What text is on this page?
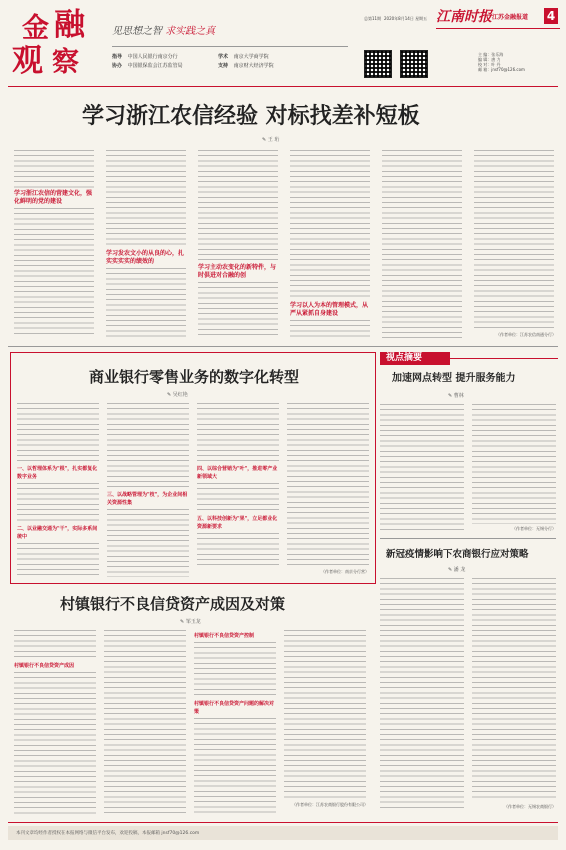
金 融
观 察
见思想之智 求实践之真
指导 中国人民银行南京分行
协办 中国银保监会江苏监管局
学术 南京大学商学院
支持 南京财大经济学院
总第11期 2020年8月14日 星期五 江南时报 江苏金融报道 4
主 编：张乐海
编 辑：唐 力
校 对：叶 丹
邮 箱：jnsf70@126.com
学习浙江农信经验 对标找差补短板
✎ 王 珩
学习浙江农信的营建文化，强化鲜明的党的建设
学习发农文小的从良的心，扎实实实实的绩效的
学习主动农变化的新特件，与时俱进对合融的创
学习以人为本的管理模式，从严从紧抓自身建设
（作者单位：江苏农信南通分行）
商业银行零售业务的数字化转型
✎ 吴红艳
一、以哲理体系为"根"，扎实都复化数字业务
二、以业融交通为"干"，实际多系间统中
三、以战略管理为"枝"，为企业间相关资源性集
四、以综合营销为"叶"，推进零产业新领域大
五、以科技创新为"果"，立足都业化资源新要求
（作者单位：南京分行营）
视点摘要
加速网点转型 提升服务能力
✎ 曹林
（作者单位：无锡分行）
新冠疫情影响下农商银行应对策略
✎ 潘 龙
（作者单位：无锡农商银行）
村镇银行不良信贷资产成因及对策
✎ 邹玉龙
村镇银行不良信贷资产成因
村镇银行不良信贷资产控制
村镇银行不良信贷资产问题的解决对策
（作者单位：江苏农商银行股份有限公司）
本刊文章均经作者授权在本报网络与微信平台发布，欢迎投稿，本报邮箱 jnsf70@126.com
